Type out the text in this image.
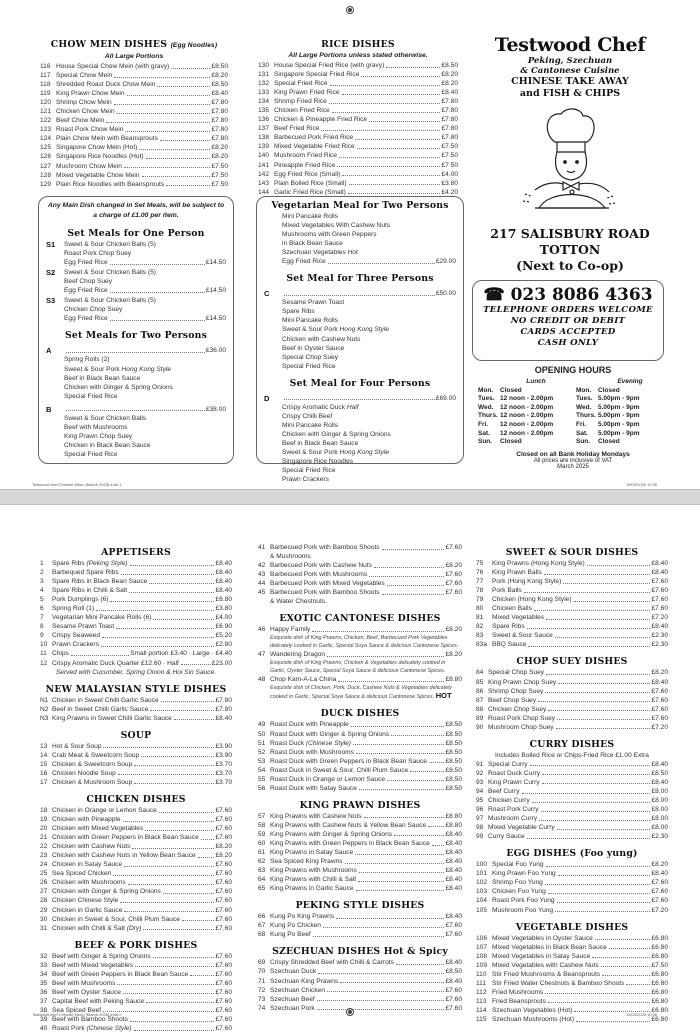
CHOW MEIN DISHES (Egg Noodles)
All Large Portions
116 House Special Chow Mein (with gravy)	£8.50
117 Special Chow Mein	£8.20
118 Shredded Roast Duck Chow Mein	£8.50
119 King Prawn Chow Mein	£8.40
120 Shrimp Chow Mein	£7.80
121 Chicken Chow Mein	£7.80
122 Beef Chow Mein	£7.80
123 Roast Pork Chow Mein	£7.80
124 Plain Chow Mein with Beansprouts	£7.80
125 Singapore Chow Mein (Hot)	£8.20
126 Singapore Rice Noodles (Hot)	£8.20
127 Mushroom Chow Mein	£7.50
128 Mixed Vegetable Chow Mein	£7.50
129 Plain Rice Noodles with Beansprouts	£7.50
RICE DISHES
All Large Portions unless stated otherwise.
130 House Special Fried Rice (with gravy)	£8.50
131 Singapore Special Fried Rice	£8.20
132 Special Fried Rice	£8.20
133 King Prawn Fried Rice	£8.40
134 Shrimp Fried Rice	£7.80
135 Chicken Fried Rice	£7.80
136 Chicken & Pineapple Fried Rice	£7.80
137 Beef Fried Rice	£7.80
138 Barbecued Pork Fried Rice	£7.80
139 Mixed Vegetable Fried Rice	£7.50
140 Mushroom Fried Rice	£7.50
141 Pineapple Fried Rice	£7.50
142 Egg Fried Rice (Small)	£4.00
143 Plain Boiled Rice (Small)	£3.80
144 Garlic Fried Rice (Small)	£4.20
Any Main Dish changed in Set Meals, will be subject to a charge of £1.00 per item.
Set Meals for One Person
S1	Sweet & Sour Chicken Balls (5)
Roast Pork Chop Suey
Egg Fried Rice	£14.50
S2	Sweet & Sour Chicken Balls (5)
Beef Chop Suey
Egg Fried Rice	£14.50
S3	Sweet & Sour Chicken Balls (5)
Chicken Chop Suey
Egg Fried Rice	£14.50
Set Meals for Two Persons
A	£36.00
Spring Rolls (2)
Sweet & Sour Pork Hong Kong Style
Beef in Black Bean Sauce
Chicken with Ginger & Spring Onions
Special Fried Rice
B	£38.00
Sweet & Sour Chicken Balls
Beef with Mushrooms
King Prawn Chop Suey
Chicken in Black Bean Sauce
Special Fried Rice
Vegetarian Meal for Two Persons
Mini Pancake Rolls
Mixed Vegetables With Cashew Nuts
Mushrooms with Green Peppers
in Black Bean Sauce
Szechuan Vegetables Hot
Egg Fried Rice	£29.00
Set Meal for Three Persons
C	£50.00
Sesame Prawn Toast
Spare Ribs
Mini Pancake Rolls
Sweet & Sour Pork Hong Kong Style
Chicken with Cashew Nuts
Beef in Oyster Sauce
Special Chop Suey
Special Fried Rice
Set Meal for Four Persons
D	£69.00
Crispy Aromatic Duck Half
Crispy Chilli Beef
Mini Pancake Rolls
Chicken with Ginger & Spring Onions
Beef in Black Bean Sauce
Sweet & Sour Pork Hong Kong Style
Singapore Rice Noodles
Special Fried Rice
Prawn Crackers
Testwood Chef
Peking, Szechuan
& Cantonese Cuisine
CHINESE TAKE AWAY
and FISH & CHIPS
217 SALISBURY ROAD
TOTTON
(Next to Co-op)
☎ 023 8086 4363
TELEPHONE ORDERS WELCOME
NO CREDIT OR DEBIT
CARDS ACCEPTED
CASH ONLY
OPENING HOURS
Lunch	Evening
Mon.	Closed	Mon.	Closed
Tues. 12 noon - 2.00pm	Tues. 5.00pm - 9pm
Wed.	12 noon - 2.00pm	Wed.	5.00pm - 9pm
Thurs. 12 noon - 2.00pm	Thurs. 5.00pm - 9pm
Fri.	12 noon - 2.00pm	Fri.	5.00pm - 9pm
Sat.	12 noon - 2.00pm	Sat.	5.00pm - 9pm
Sun.	Closed	Sun.	Closed
Closed on all Bank Holiday Mondays
All prices are inclusive of VAT
March 2025
Testwood chef Chinese Menu (March 2025).indd 1	15/03/2025 10:30
APPETISERS
1	Spare Ribs (Peking Style)	£8.40
2	Barbequed Spare Ribs	£8.40
3	Spare Ribs in Black Bean Sauce	£8.40
4	Spare Ribs in Chilli & Salt	£8.40
5	Pork Dumplings (6)	£6.80
6	Spring Roll (1)	£3.80
7	Vegetarian Mini Pancake Rolls (6)	£4.00
8	Sesame Prawn Toast	£6.90
9	Crispy Seaweed	£5.20
10 Prawn Crackers	£2.80
11 Chips	Small portion £3.40 · Large · £4.40
12 Crispy Aromatic Duck Quarter £12.60 · Half	£23.00
Served with Cucumber, Spring Onion & Hoi Sin Sauce.
NEW MALAYSIAN STYLE DISHES
N1 Chicken in Sweet Chilli Garlic Sauce	£7.80
N2 Beef in Sweet Chilli Garlic Sauce	£7.80
N3 King Prawns in Sweet Chilli Garlic Sauce	£8.40
SOUP
13 Hot & Sour Soup	£3.90
14 Crab Meat & Sweetcorn Soup	£3.90
15 Chicken & Sweetcorn Soup	£3.70
16 Chicken Noodle Soup	£3.70
17 Chicken & Mushroom Soup	£3.70
CHICKEN DISHES
18 Chicken in Orange or Lemon Sauce	£7.60
19 Chicken with Pineapple	£7.60
20 Chicken with Mixed Vegetables	£7.60
21 Chicken with Green Peppers in Black Bean Sauce	£7.60
22 Chicken with Cashew Nuts	£8.20
23 Chicken with Cashew Nuts in Yellow Bean Sauce	£8.20
24 Chicken in Satay Sauce	£7.60
25 Sea Spiced Chicken	£7.60
26 Chicken with Mushrooms	£7.60
27 Chicken with Ginger & Spring Onions	£7.60
28 Chicken Chinese Style	£7.60
29 Chicken in Garlic Sauce	£7.60
30 Chicken in Sweet & Sour, Chilli Plum Sauce	£7.60
31 Chicken with Chilli & Salt (Dry)	£7.60
BEEF & PORK DISHES
32 Beef with Ginger & Spring Onions	£7.60
33 Beef with Mixed Vegetables	£7.60
34 Beef with Green Peppers in Black Bean Sauce	£7.60
35 Beef with Mushrooms	£7.60
36 Beef with Oyster Sauce	£7.60
37 Capital Beef with Peking Sauce	£7.60
38 Sea Spiced Beef	£7.60
39 Beef with Bamboo Shoots	£7.60
40 Roast Pork (Chinese Style)	£7.60
41 Barbecued Pork with Bamboo Shoots	£7.60
& Mushrooms
42 Barbecued Pork with Cashew Nuts	£8.20
43 Barbecued Pork with Mushrooms	£7.60
44 Barbecued Pork with Mixed Vegetables	£7.60
45 Barbecued Pork with Bamboo Shoots	£7.60
& Water Chestnuts.
EXOTIC CANTONESE DISHES
46 Happy Family	£8.20
Exquisite dish of King Prawns, Chicken, Beef, Barbecued Pork Vegetables delicately cooked in Garlic, Special Soya Sauce & delicious Cantonese Spices.
47 Wandering Dragon	£8.20
Exquisite dish of King Prawns, Chicken & Vegetables delicately cooked in Garlic, Oyster Sauce, Special Soya Sauce & delicious Cantonese Spices.
48 Chop Kam-A-La China	£8.80
Exquisite dish of Chicken, Pork, Duck, Cashew Nuts & Vegetables delicately cooked in Garlic, Special Soya Sauce & delicious Cantonese Spices. HOT
DUCK DISHES
49 Roast Duck with Pineapple	£8.50
50 Roast Duck with Ginger & Spring Onions	£8.50
51 Roast Duck (Chinese Style)	£8.50
52 Roast Duck with Mushrooms	£8.50
53 Roast Duck with Green Peppers in Black Bean Sauce	£8.50
54 Roast Duck in Sweet & Sour, Chilli Plum Sauce	£8.50
55 Roast Duck in Orange or Lemon Sauce	£8.50
56 Roast Duck with Satay Sauce	£8.50
KING PRAWN DISHES
57 King Prawns with Cashew Nuts	£8.80
58 King Prawns with Cashew Nuts & Yellow Bean Sauce	£8.80
59 King Prawns with Ginger & Spring Onions	£8.40
60 King Prawns with Green Peppers in Black Bean Sauce £8.40
61 King Prawns in Satay Sauce	£8.40
62 Sea Spiced King Prawns	£8.40
63 King Prawns with Mushrooms	£8.40
64 King Prawns with Chilli & Salt	£8.40
65 King Prawns in Garlic Sauce	£8.40
PEKING STYLE DISHES
66 Kung Po King Prawns	£8.40
67 Kung Po Chicken	£7.60
68 Kung Po Beef	£7.60
SZECHUAN DISHES Hot & Spicy
69 Crispy Shredded Beef with Chilli & Carrots	£8.40
70 Szechuan Duck	£8.50
71 Szechuan King Prawns	£8.40
72 Szechuan Chicken	£7.60
73 Szechuan Beef	£7.60
74 Szechuan Pork	£7.60
SWEET & SOUR DISHES
75	King Prawns (Hong Kong Style)	£8.40
76	King Prawn Balls	£8.40
77	Pork (Hong Kong Style)	£7.60
78	Pork Balls	£7.60
79	Chicken (Hong Kong Style)	£7.60
80	Chicken Balls	£7.60
81	Mixed Vegetables	£7.20
82	Spare Ribs	£8.40
83	Sweet & Sour Sauce	£2.30
83a BBQ Sauce	£2.30
CHOP SUEY DISHES
84 Special Chop Suey	£8.20
85 King Prawn Chop Suey	£8.40
86 Shrimp Chop Suey	£7.60
87 Beef Chop Suey	£7.60
88 Chicken Chop Suey	£7.60
89 Roast Pork Chop Suey	£7.60
90 Mushroom Chop Suey	£7.20
CURRY DISHES
Includes Boiled Rice or Chips-Fried Rice £1.00 Extra
91 Special Curry	£8.40
92 Roast Duck Curry	£8.50
93 King Prawn Curry	£8.40
94 Beef Curry	£8.00
95 Chicken Curry	£8.00
96 Roast Pork Curry	£8.00
97 Mushroom Curry	£8.00
98 Mixed Vegetable Curry	£8.00
99 Curry Sauce	£2.30
EGG DISHES (Foo yung)
100 Special Foo Yung	£8.20
101 King Prawn Foo Yung	£8.40
102 Shrimp Foo Yung	£7.60
103 Chicken Foo Yung	£7.60
104 Roast Pork Foo Yung	£7.60
105 Mushroom Foo Yung	£7.20
VEGETABLE DISHES
106 Mixed Vegetables in Oyster Sauce	£6.80
107 Mixed Vegetables in Black Bean Sauce	£6.80
108 Mixed Vegetables in Satay Sauce	£6.80
109 Mixed Vegetables with Cashew Nuts	£7.50
110 Stir Fried Mushrooms & Beansprouts	£6.80
111 Stir Fried Water Chestnuts & Bamboo Shoots	£6.80
112 Fried Mushrooms	£6.80
113 Fried Beansprouts	£6.80
114 Szechuan Vegetables (Hot)	£6.80
115 Szechuan Mushrooms (Hot)	£6.80
Testwood chef Chinese Menu (March 2025).indd 2	15/03/2025 10:30
